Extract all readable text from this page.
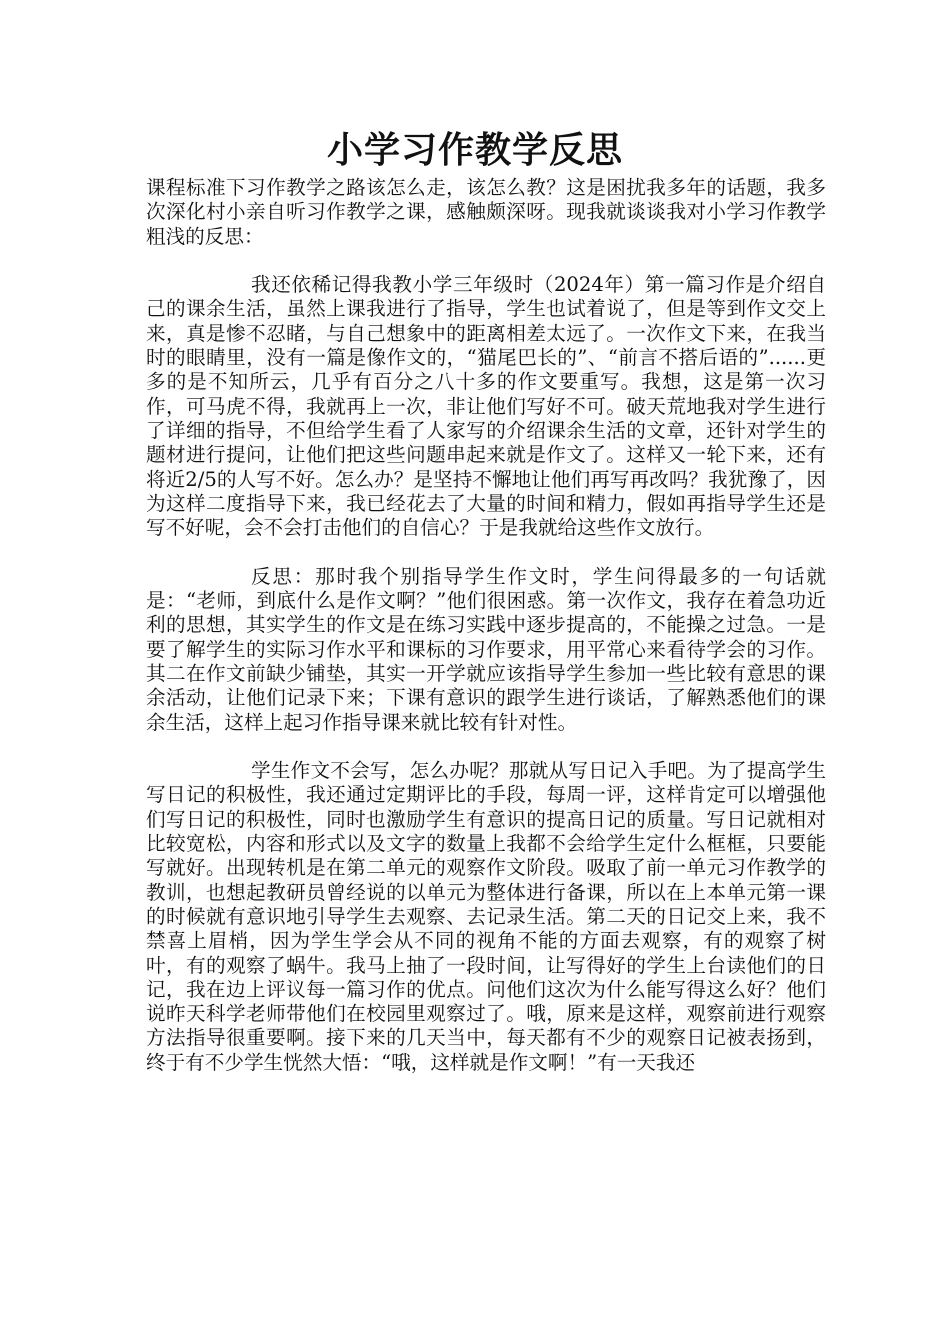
小学习作教学反思

课程标准下习作教学之路该怎么走，该怎么教？这是困扰我多年的话题，我多次深化村小亲自听习作教学之课，感触颇深呀。现我就谈谈我对小学习作教学粗浅的反思：

我还依稀记得我教小学三年级时（2024年）第一篇习作是介绍自己的课余生活，虽然上课我进行了指导，学生也试着说了，但是等到作文交上来，真是惨不忍睹，与自己想象中的距离相差太远了。一次作文下来，在我当时的眼睛里，没有一篇是像作文的，“猫尾巴长的”、“前言不搭后语的”......更多的是不知所云，几乎有百分之八十多的作文要重写。我想，这是第一次习作，可马虎不得，我就再上一次，非让他们写好不可。破天荒地我对学生进行了详细的指导，不但给学生看了人家写的介绍课余生活的文章，还针对学生的题材进行提问，让他们把这些问题串起来就是作文了。这样又一轮下来，还有将近2/5的人写不好。怎么办？是坚持不懈地让他们再写再改吗？我犹豫了，因为这样二度指导下来，我已经花去了大量的时间和精力，假如再指导学生还是写不好呢，会不会打击他们的自信心？于是我就给这些作文放行。

反思：那时我个别指导学生作文时，学生问得最多的一句话就是：“老师，到底什么是作文啊？”他们很困惑。第一次作文，我存在着急功近利的思想，其实学生的作文是在练习实践中逐步提高的，不能操之过急。一是要了解学生的实际习作水平和课标的习作要求，用平常心来看待学会的习作。其二在作文前缺少铺垫，其实一开学就应该指导学生参加一些比较有意思的课余活动，让他们记录下来；下课有意识的跟学生进行谈话，了解熟悉他们的课余生活，这样上起习作指导课来就比较有针对性。

学生作文不会写，怎么办呢？那就从写日记入手吧。为了提高学生写日记的积极性，我还通过定期评比的手段，每周一评，这样肯定可以增强他们写日记的积极性，同时也激励学生有意识的提高日记的质量。写日记就相对比较宽松，内容和形式以及文字的数量上我都不会给学生定什么框框，只要能写就好。出现转机是在第二单元的观察作文阶段。吸取了前一单元习作教学的教训，也想起教研员曾经说的以单元为整体进行备课，所以在上本单元第一课的时候就有意识地引导学生去观察、去记录生活。第二天的日记交上来，我不禁喜上眉梢，因为学生学会从不同的视角不能的方面去观察，有的观察了树叶，有的观察了蜗牛。我马上抽了一段时间，让写得好的学生上台读他们的日记，我在边上评议每一篇习作的优点。问他们这次为什么能写得这么好？他们说昨天科学老师带他们在校园里观察过了。哦，原来是这样，观察前进行观察方法指导很重要啊。接下来的几天当中，每天都有不少的观察日记被表扬到，终于有不少学生恍然大悟：“哦，这样就是作文啊！”有一天我还
